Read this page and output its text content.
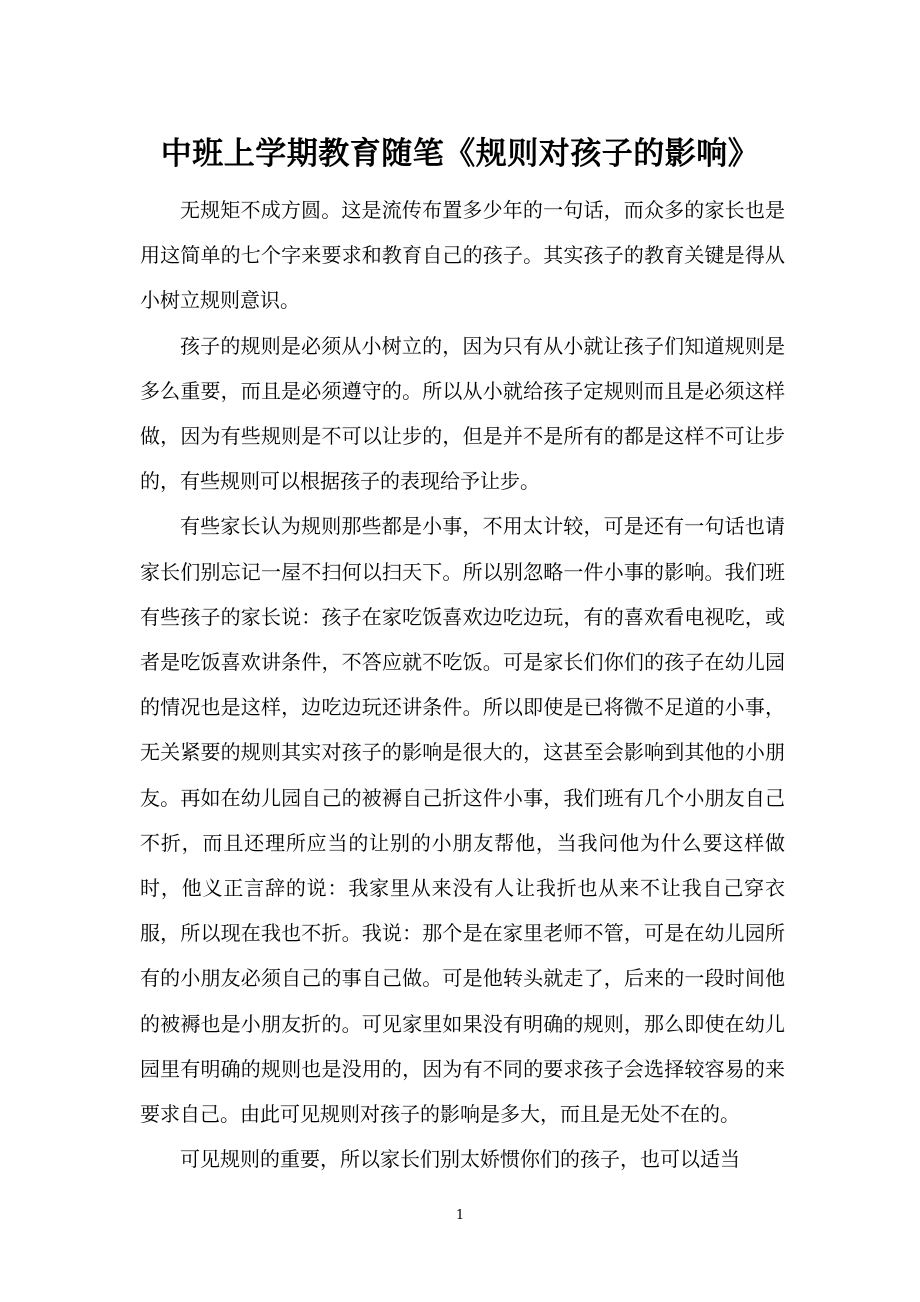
中班上学期教育随笔《规则对孩子的影响》

无规矩不成方圆。这是流传布置多少年的一句话，而众多的家长也是用这简单的七个字来要求和教育自己的孩子。其实孩子的教育关键是得从小树立规则意识。

孩子的规则是必须从小树立的，因为只有从小就让孩子们知道规则是多么重要，而且是必须遵守的。所以从小就给孩子定规则而且是必须这样做，因为有些规则是不可以让步的，但是并不是所有的都是这样不可让步的，有些规则可以根据孩子的表现给予让步。

有些家长认为规则那些都是小事，不用太计较，可是还有一句话也请家长们别忘记一屋不扫何以扫天下。所以别忽略一件小事的影响。我们班有些孩子的家长说：孩子在家吃饭喜欢边吃边玩，有的喜欢看电视吃，或者是吃饭喜欢讲条件，不答应就不吃饭。可是家长们你们的孩子在幼儿园的情况也是这样，边吃边玩还讲条件。所以即使是已将微不足道的小事，无关紧要的规则其实对孩子的影响是很大的，这甚至会影响到其他的小朋友。再如在幼儿园自己的被褥自己折这件小事，我们班有几个小朋友自己不折，而且还理所应当的让别的小朋友帮他，当我问他为什么要这样做时，他义正言辞的说：我家里从来没有人让我折也从来不让我自己穿衣服，所以现在我也不折。我说：那个是在家里老师不管，可是在幼儿园所有的小朋友必须自己的事自己做。可是他转头就走了，后来的一段时间他的被褥也是小朋友折的。可见家里如果没有明确的规则，那么即使在幼儿园里有明确的规则也是没用的，因为有不同的要求孩子会选择较容易的来要求自己。由此可见规则对孩子的影响是多大，而且是无处不在的。

可见规则的重要，所以家长们别太娇惯你们的孩子，也可以适当

1
